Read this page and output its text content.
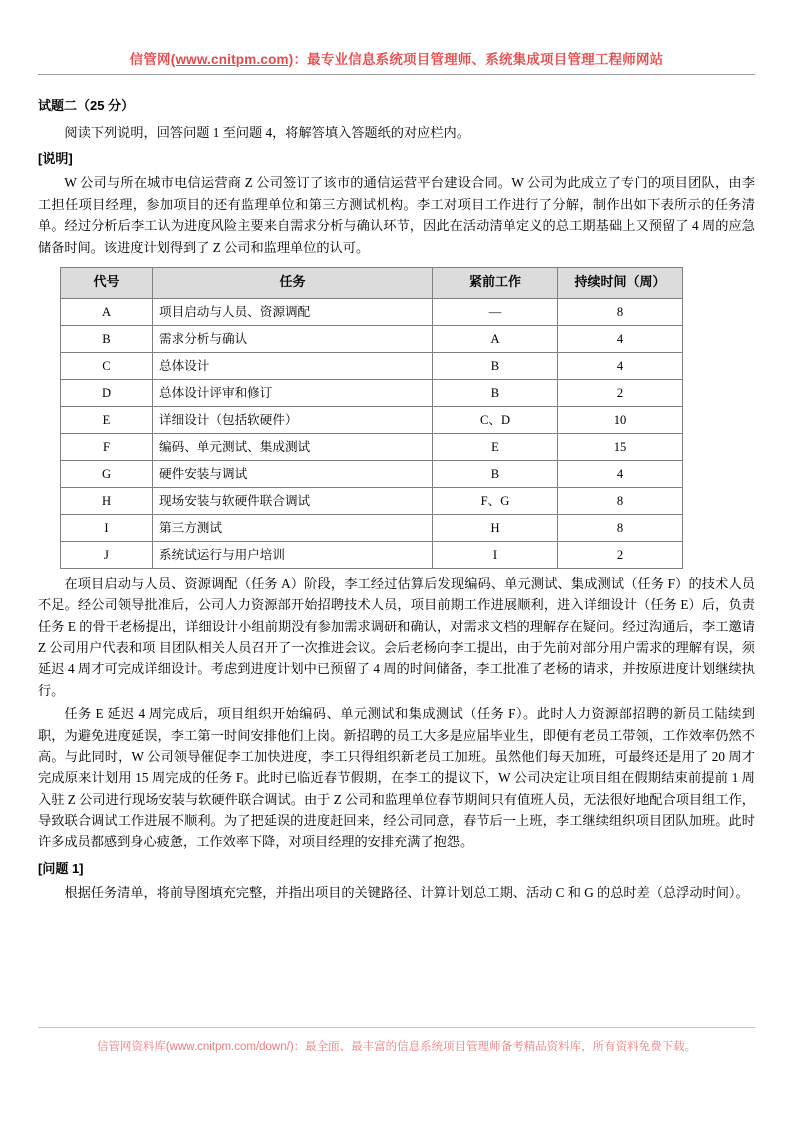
信管网(www.cnitpm.com)：最专业信息系统项目管理师、系统集成项目管理工程师网站
试题二（25 分）

阅读下列说明，回答问题 1 至问题 4，将解答填入答题纸的对应栏内。

[说明]

W 公司与所在城市电信运营商 Z 公司签订了该市的通信运营平台建设合同。W 公司为此成立了专门的项目团队，由李工担任项目经理，参加项目的还有监理单位和第三方测试机构。李工对项目工作进行了分解，制作出如下表所示的任务清单。经过分析后李工认为进度风险主要来自需求分析与确认环节，因此在活动清单定义的总工期基础上又预留了 4 周的应急储备时间。该进度计划得到了 Z 公司和监理单位的认可。

代号	任务	紧前工作	持续时间（周）
A	项目启动与人员、资源调配	—	8
B	需求分析与确认	A	4
C	总体设计	B	4
D	总体设计评审和修订	B	2
E	详细设计（包括软硬件）	C、D	10
F	编码、单元测试、集成测试	E	15
G	硬件安装与调试	B	4
H	现场安装与软硬件联合调试	F、G	8
I	第三方测试	H	8
J	系统试运行与用户培训	I	2

在项目启动与人员、资源调配（任务 A）阶段，李工经过估算后发现编码、单元测试、集成测试（任务 F）的技术人员不足。经公司领导批准后，公司人力资源部开始招聘技术人员，项目前期工作进展顺利，进入详细设计（任务 E）后，负责任务 E 的骨干老杨提出，详细设计小组前期没有参加需求调研和确认，对需求文档的理解存在疑问。经过沟通后，李工邀请 Z 公司用户代表和项 目团队相关人员召开了一次推进会议。会后老杨向李工提出，由于先前对部分用户需求的理解有误，须延迟 4 周才可完成详细设计。考虑到进度计划中已预留了 4 周的时间储备，李工批准了老杨的请求，并按原进度计划继续执行。

任务 E 延迟 4 周完成后，项目组织开始编码、单元测试和集成测试（任务 F）。此时人力资源部招聘的新员工陆续到职，为避免进度延误，李工第一时间安排他们上岗。新招聘的员工大多是应届毕业生，即便有老员工带领，工作效率仍然不高。与此同时，W 公司领导催促李工加快进度，李工只得组织新老员工加班。虽然他们每天加班，可最终还是用了 20 周才完成原来计划用 15 周完成的任务 F。此时已临近春节假期，在李工的提议下，W 公司决定让项目组在假期结束前提前 1 周入驻 Z 公司进行现场安装与软硬件联合调试。由于 Z 公司和监理单位春节期间只有值班人员，无法很好地配合项目组工作，导致联合调试工作进展不顺利。为了把延误的进度赶回来，经公司同意，春节后一上班，李工继续组织项目团队加班。此时许多成员都感到身心疲惫，工作效率下降，对项目经理的安排充满了抱怨。

[问题 1]

根据任务清单，将前导图填充完整，并指出项目的关键路径、计算计划总工期、活动 C 和 G 的总时差（总浮动时间）。

信管网资料库(www.cnitpm.com/down/)：最全面、最丰富的信息系统项目管理师备考精品资料库，所有资料免费下载。
